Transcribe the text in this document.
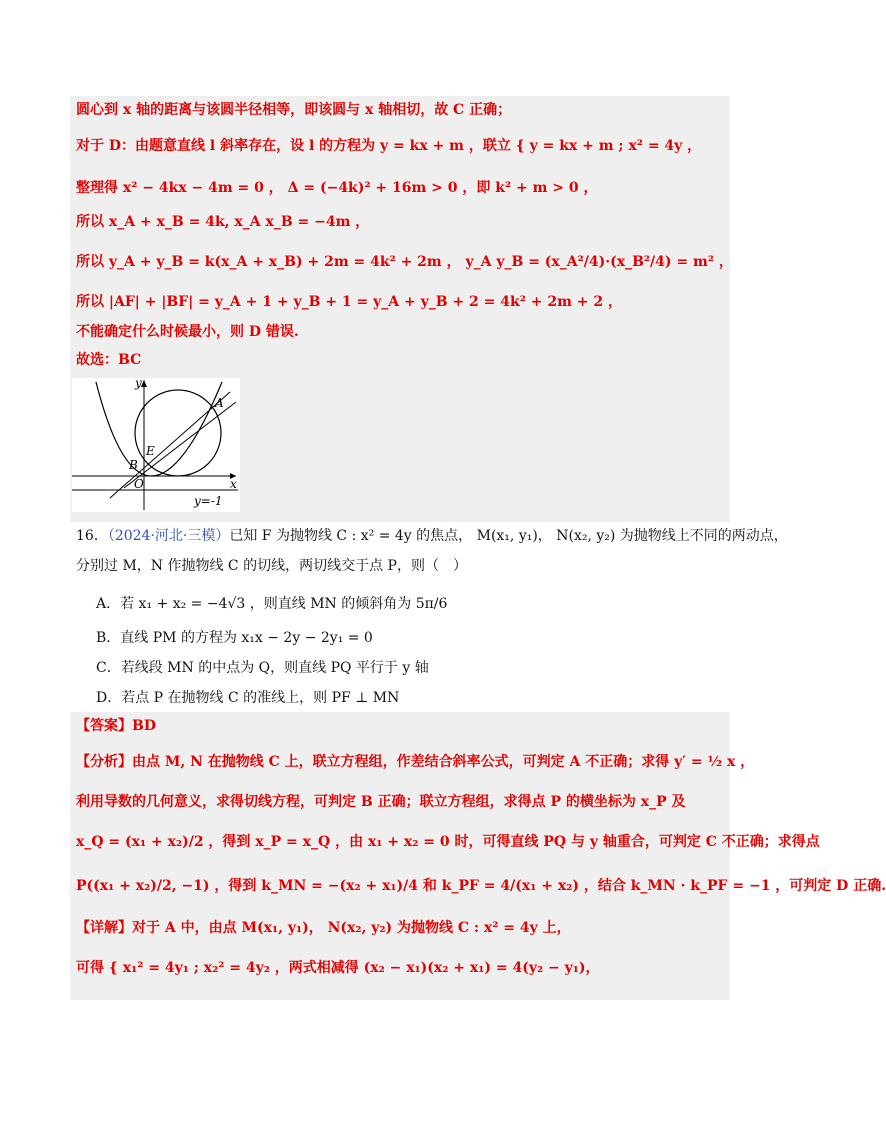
圆心到 x 轴的距离与该圆半径相等，即该圆与 x 轴相切，故 C 正确；
对于 D：由题意直线 l 斜率存在，设 l 的方程为 y = kx + m ，联立 { y = kx + m ; x² = 4y ，
整理得 x² − 4kx − 4m = 0 ， Δ = (−4k)² + 16m > 0 ，即 k² + m > 0 ，
所以 x_A + x_B = 4k, x_A x_B = −4m ，
所以 y_A + y_B = k(x_A + x_B) + 2m = 4k² + 2m ， y_A y_B = (x_A²/4)·(x_B²/4) = m² ，
所以 |AF| + |BF| = y_A + 1 + y_B + 1 = y_A + y_B + 2 = 4k² + 2m + 2 ，
不能确定什么时候最小，则 D 错误.
故选：BC
y
x
A
B
E
O
y=-1
16．（2024·河北·三模）已知 F 为抛物线 C : x² = 4y 的焦点， M(x₁, y₁)， N(x₂, y₂) 为抛物线上不同的两动点，
分别过 M，N 作抛物线 C 的切线，两切线交于点 P，则（　）
A．若 x₁ + x₂ = −4√3 ，则直线 MN 的倾斜角为 5π/6
B．直线 PM 的方程为 x₁x − 2y − 2y₁ = 0
C．若线段 MN 的中点为 Q，则直线 PQ 平行于 y 轴
D．若点 P 在抛物线 C 的准线上，则 PF ⊥ MN
【答案】BD
【分析】由点 M, N 在抛物线 C 上，联立方程组，作差结合斜率公式，可判定 A 不正确；求得 y′ = ½ x ，
利用导数的几何意义，求得切线方程，可判定 B 正确；联立方程组，求得点 P 的横坐标为 x_P 及
x_Q = (x₁ + x₂)/2 ，得到 x_P = x_Q ，由 x₁ + x₂ = 0 时，可得直线 PQ 与 y 轴重合，可判定 C 不正确；求得点
P((x₁ + x₂)/2, −1) ，得到 k_MN = −(x₂ + x₁)/4 和 k_PF = 4/(x₁ + x₂) ，结合 k_MN · k_PF = −1 ，可判定 D 正确.
【详解】对于 A 中，由点 M(x₁, y₁)， N(x₂, y₂) 为抛物线 C : x² = 4y 上，
可得 { x₁² = 4y₁ ; x₂² = 4y₂ ，两式相减得 (x₂ − x₁)(x₂ + x₁) = 4(y₂ − y₁)，
